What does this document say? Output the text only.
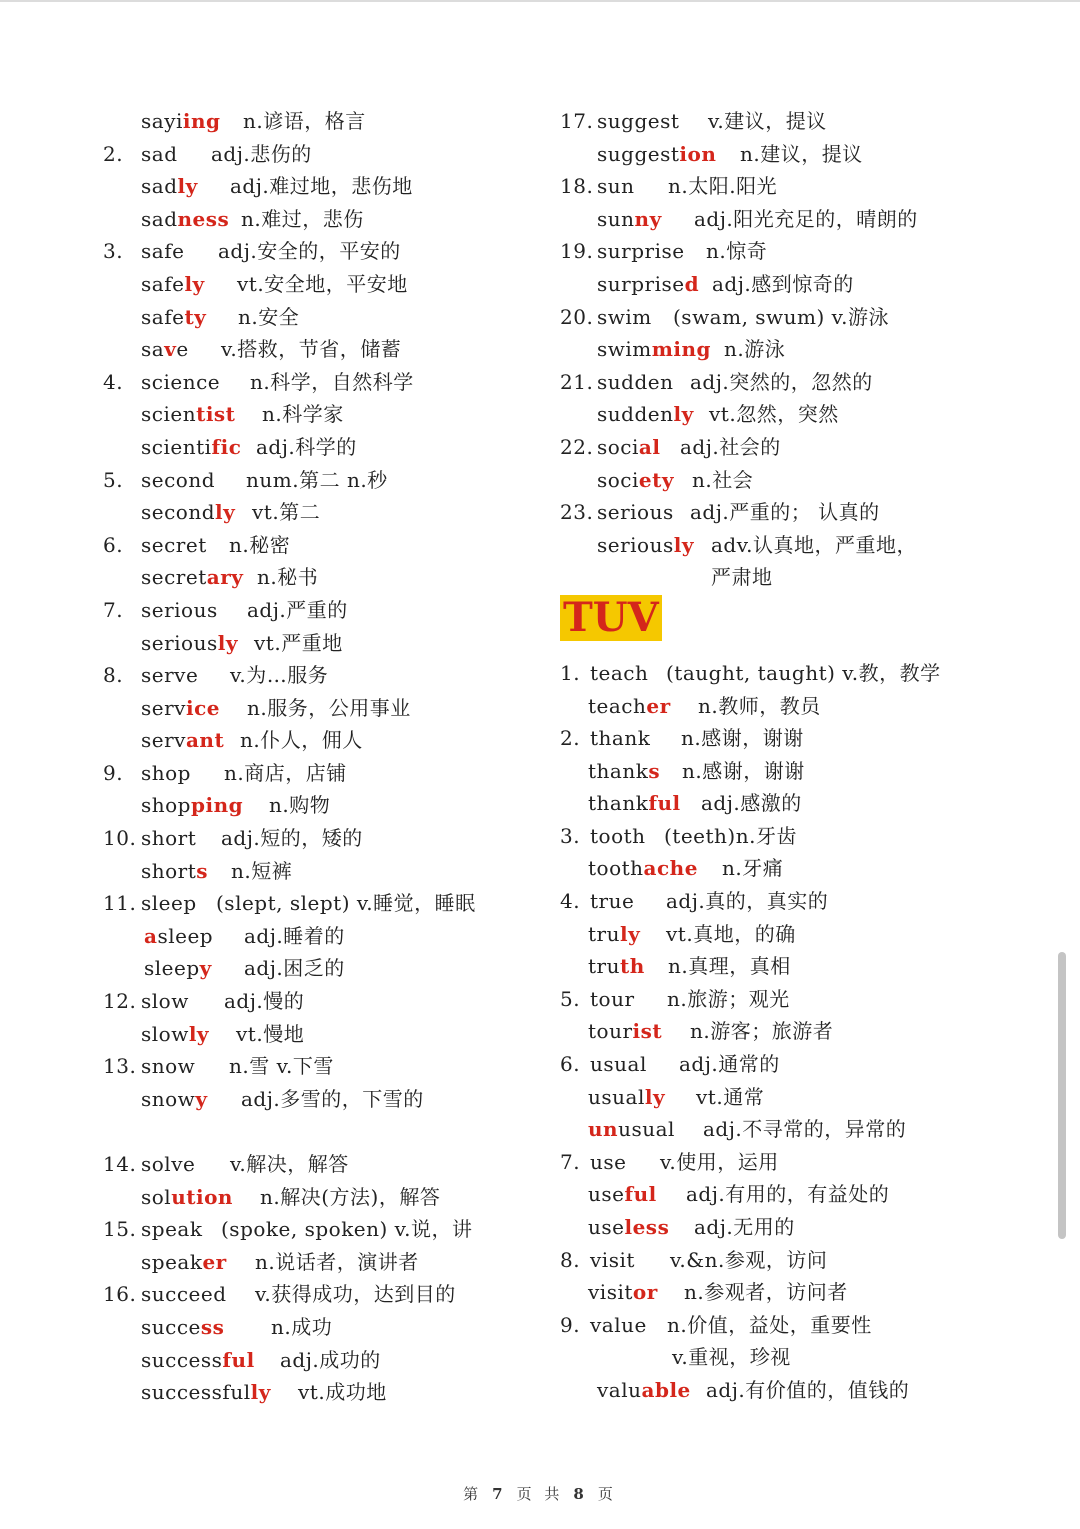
sayiing n.谚语，格言
2. sad adj.悲伤的
sadly adj.难过地，悲伤地
sadness n.难过，悲伤
3. safe adj.安全的，平安的
safely vt.安全地，平安地
safety n.安全
save v.搭救，节省，储蓄
4. science n.科学，自然科学
scientist n.科学家
scientific adj.科学的
5. second num.第二 n.秒
secondly vt.第二
6. secret n.秘密
secretary n.秘书
7. serious adj.严重的
seriously vt.严重地
8. serve v.为…服务
service n.服务，公用事业
servant n.仆人，佣人
9. shop n.商店，店铺
shopping n.购物
10. short adj.短的，矮的
shorts n.短裤
11. sleep (slept, slept) v.睡觉，睡眠
asleep adj.睡着的
sleepy adj.困乏的
12. slow adj.慢的
slowly vt.慢地
13. snow n.雪 v.下雪
snowy adj.多雪的，下雪的
14. solve v.解决，解答
solution n.解决(方法)，解答
15. speak (spoke, spoken) v.说，讲
speaker n.说话者，演讲者
16. succeed v.获得成功，达到目的
success n.成功
successful adj.成功的
successfully vt.成功地
17. suggest v.建议，提议
suggestion n.建议，提议
18. sun n.太阳.阳光
sunny adj.阳光充足的，晴朗的
19. surprise n.惊奇
surprised adj.感到惊奇的
20. swim (swam, swum) v.游泳
swimming n.游泳
21. sudden adj.突然的，忽然的
suddenly vt.忽然，突然
22. social adj.社会的
society n.社会
23. serious adj.严重的； 认真的
seriously adv.认真地，严重地，
严肃地
TUV
1. teach (taught, taught) v.教，教学
teacher n.教师，教员
2. thank n.感谢，谢谢
thanks n.感谢，谢谢
thankful adj.感激的
3. tooth (teeth)n.牙齿
toothache n.牙痛
4. true adj.真的，真实的
truly vt.真地，的确
truth n.真理，真相
5. tour n.旅游；观光
tourist n.游客；旅游者
6. usual adj.通常的
usually vt.通常
unusual adj.不寻常的，异常的
7. use v.使用，运用
useful adj.有用的，有益处的
useless adj.无用的
8. visit v.&n.参观，访问
visitor n.参观者，访问者
9. value n.价值，益处，重要性
v.重视，珍视
valuable adj.有价值的，值钱的
第 7 页 共 8 页
